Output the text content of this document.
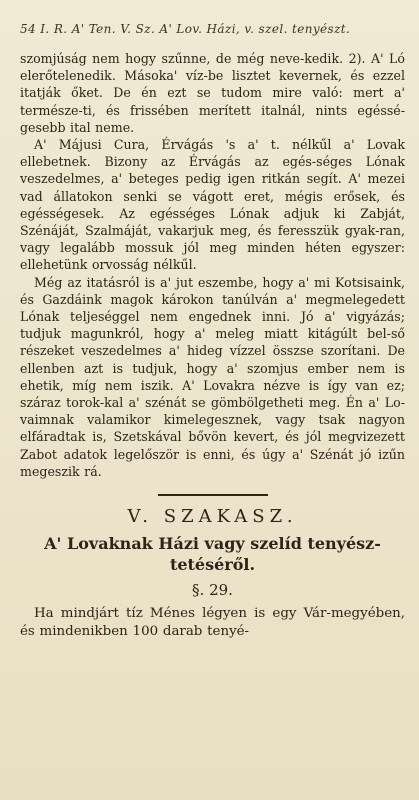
54 I. R. A' Ten. V. Sz. A' Lov. Házi, v. szel. tenyészt.

szomjúság nem hogy szűnne, de még neve-kedik. 2). A' Ló elerőtelenedik. Másokа' víz-be lisztet kevernek, és ezzel itatják őket. De én ezt se tudom mire való: mert a' természe-ti, és frissében merített italnál, nints egéssé-gesebb ital neme.

A' Májusi Cura, Érvágás 's a' t. nélkűl a' Lovak ellebetnek. Bizony az Érvágás az egés-séges Lónak veszedelmes, a' beteges pedig igen ritkán segít. A' mezei vad állatokon senki se vágott eret, mégis erősek, és egésségesek. Az egésséges Lónak adjuk ki Zabját, Szénáját, Szalmáját, vakarjuk meg, és feresszük gyak-ran, vagy legalább mossuk jól meg minden héten egyszer: ellehetünk orvosság nélkűl.

Még az itatásról is a' jut eszembe, hogy a' mi Kotsisaink, és Gazdáink magok károkon tanúlván a' megmelegedett Lónak teljeséggel nem engednek inni. Jó a' vigyázás; tudjuk magunkról, hogy a' meleg miatt kitágúlt bel-ső részeket veszedelmes a' hideg vízzel összse szorítani. De ellenben azt is tudjuk, hogy a' szomjus ember nem is ehetik, míg nem iszik. A' Lovakra nézve is így van ez; száraz torok-kal a' szénát se gömbölgetheti meg. Én a' Lo-vaimnak valamikor kimelegesznek, vagy tsak nagyon elfáradtak is, Szetskával bővön kevert, és jól megvizezett Zabot adatok legelőször is enni, és úgy a' Szénát jó izűn megeszik rá.

V. SZAKASZ.
A' Lovaknak Házi vagy szelíd tenyész-tetéséről.
§. 29.

Ha mindjárt tíz Ménes légyen is egy Vár-megyében, és mindenikben 100 darab tenyé-
